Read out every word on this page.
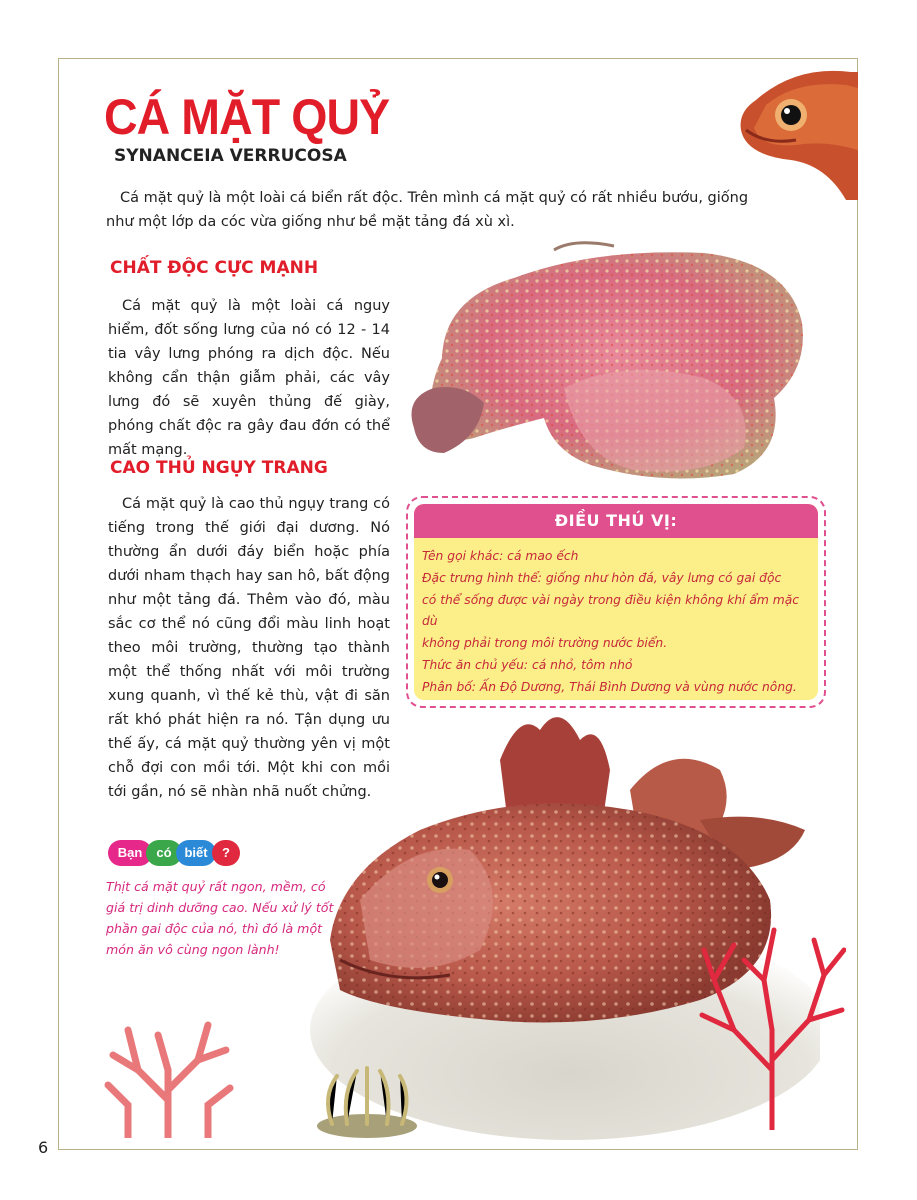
CÁ MẶT QUỶ
SYNANCEIA VERRUCOSA

Cá mặt quỷ là một loài cá biển rất độc. Trên mình cá mặt quỷ có rất nhiều bướu, giống như một lớp da cóc vừa giống như bề mặt tảng đá xù xì.

CHẤT ĐỘC CỰC MẠNH

Cá mặt quỷ là một loài cá nguy hiểm, đốt sống lưng của nó có 12 - 14 tia vây lưng phóng ra dịch độc. Nếu không cẩn thận giẫm phải, các vây lưng đó sẽ xuyên thủng đế giày, phóng chất độc ra gây đau đớn có thể mất mạng.

CAO THỦ NGỤY TRANG

Cá mặt quỷ là cao thủ ngụy trang có tiếng trong thế giới đại dương. Nó thường ẩn dưới đáy biển hoặc phía dưới nham thạch hay san hô, bất động như một tảng đá. Thêm vào đó, màu sắc cơ thể nó cũng đổi màu linh hoạt theo môi trường, thường tạo thành một thể thống nhất với môi trường xung quanh, vì thế kẻ thù, vật đi săn rất khó phát hiện ra nó. Tận dụng ưu thế ấy, cá mặt quỷ thường yên vị một chỗ đợi con mồi tới. Một khi con mồi tới gần, nó sẽ nhàn nhã nuốt chửng.

ĐIỀU THÚ VỊ:
Tên gọi khác: cá mao ếch
Đặc trưng hình thể: giống như hòn đá, vây lưng có gai độc
có thể sống được vài ngày trong điều kiện không khí ẩm mặc dù
không phải trong môi trường nước biển.
Thức ăn chủ yếu: cá nhỏ, tôm nhỏ
Phân bố: Ấn Độ Dương, Thái Bình Dương và vùng nước nông.
Bạn	có biết	?

Thịt cá mặt quỷ rất ngon, mềm, có giá trị dinh dưỡng cao. Nếu xử lý tốt phần gai độc của nó, thì đó là một món ăn vô cùng ngon lành!

6
